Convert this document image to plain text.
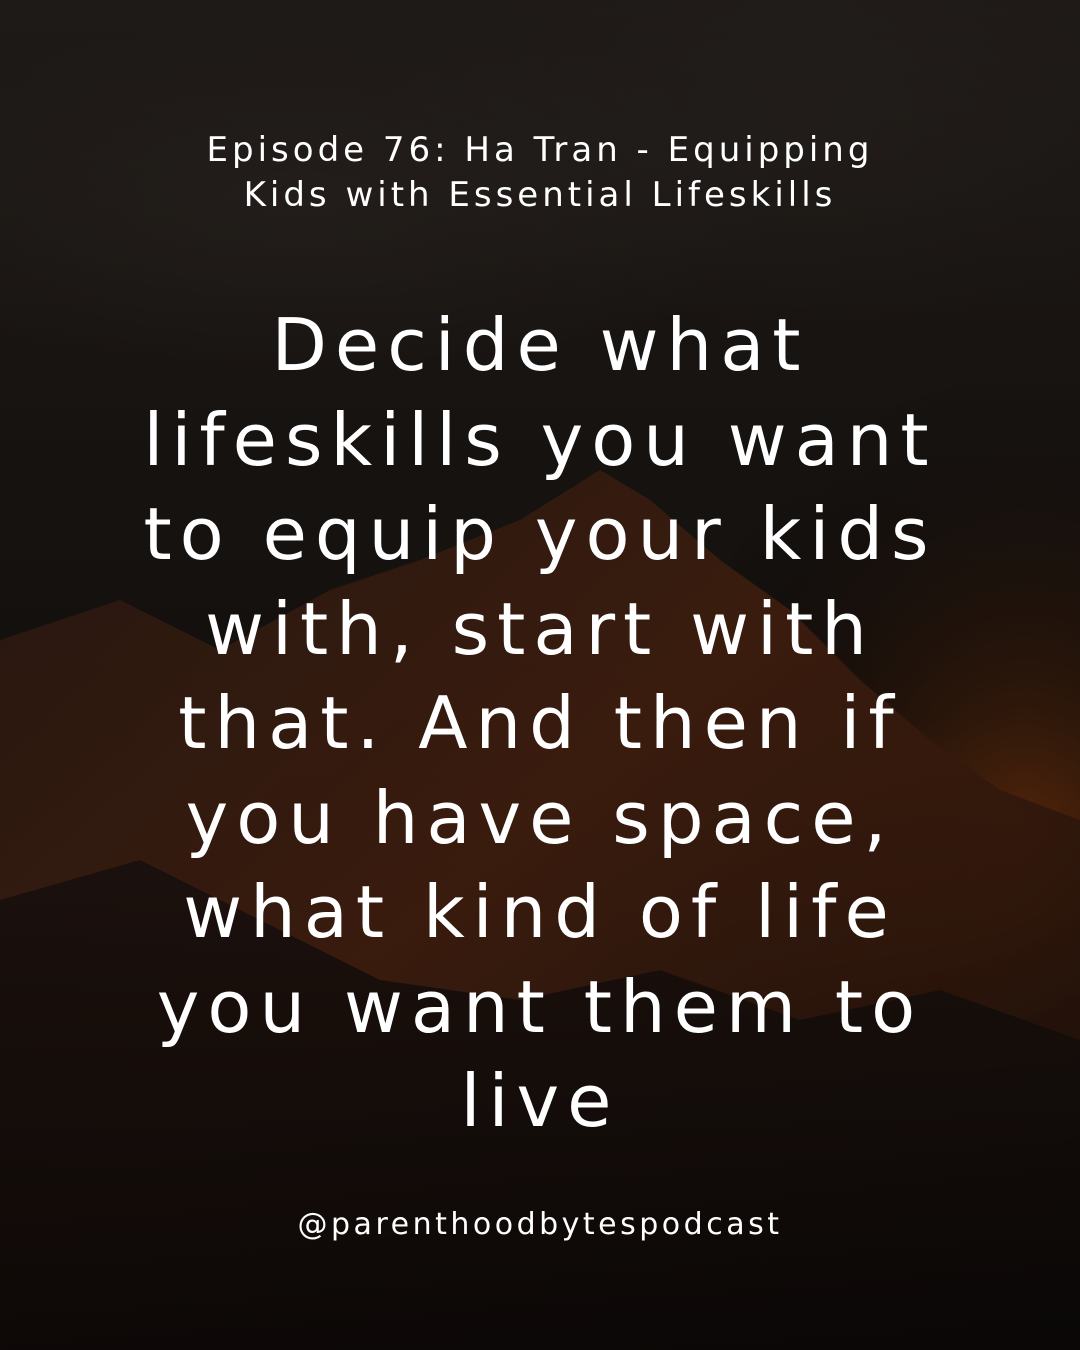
Episode 76: Ha Tran - Equipping
Kids with Essential Lifeskills
Decide what
lifeskills you want
to equip your kids
with, start with
that. And then if
you have space,
what kind of life
you want them to
live
@parenthoodbytespodcast
